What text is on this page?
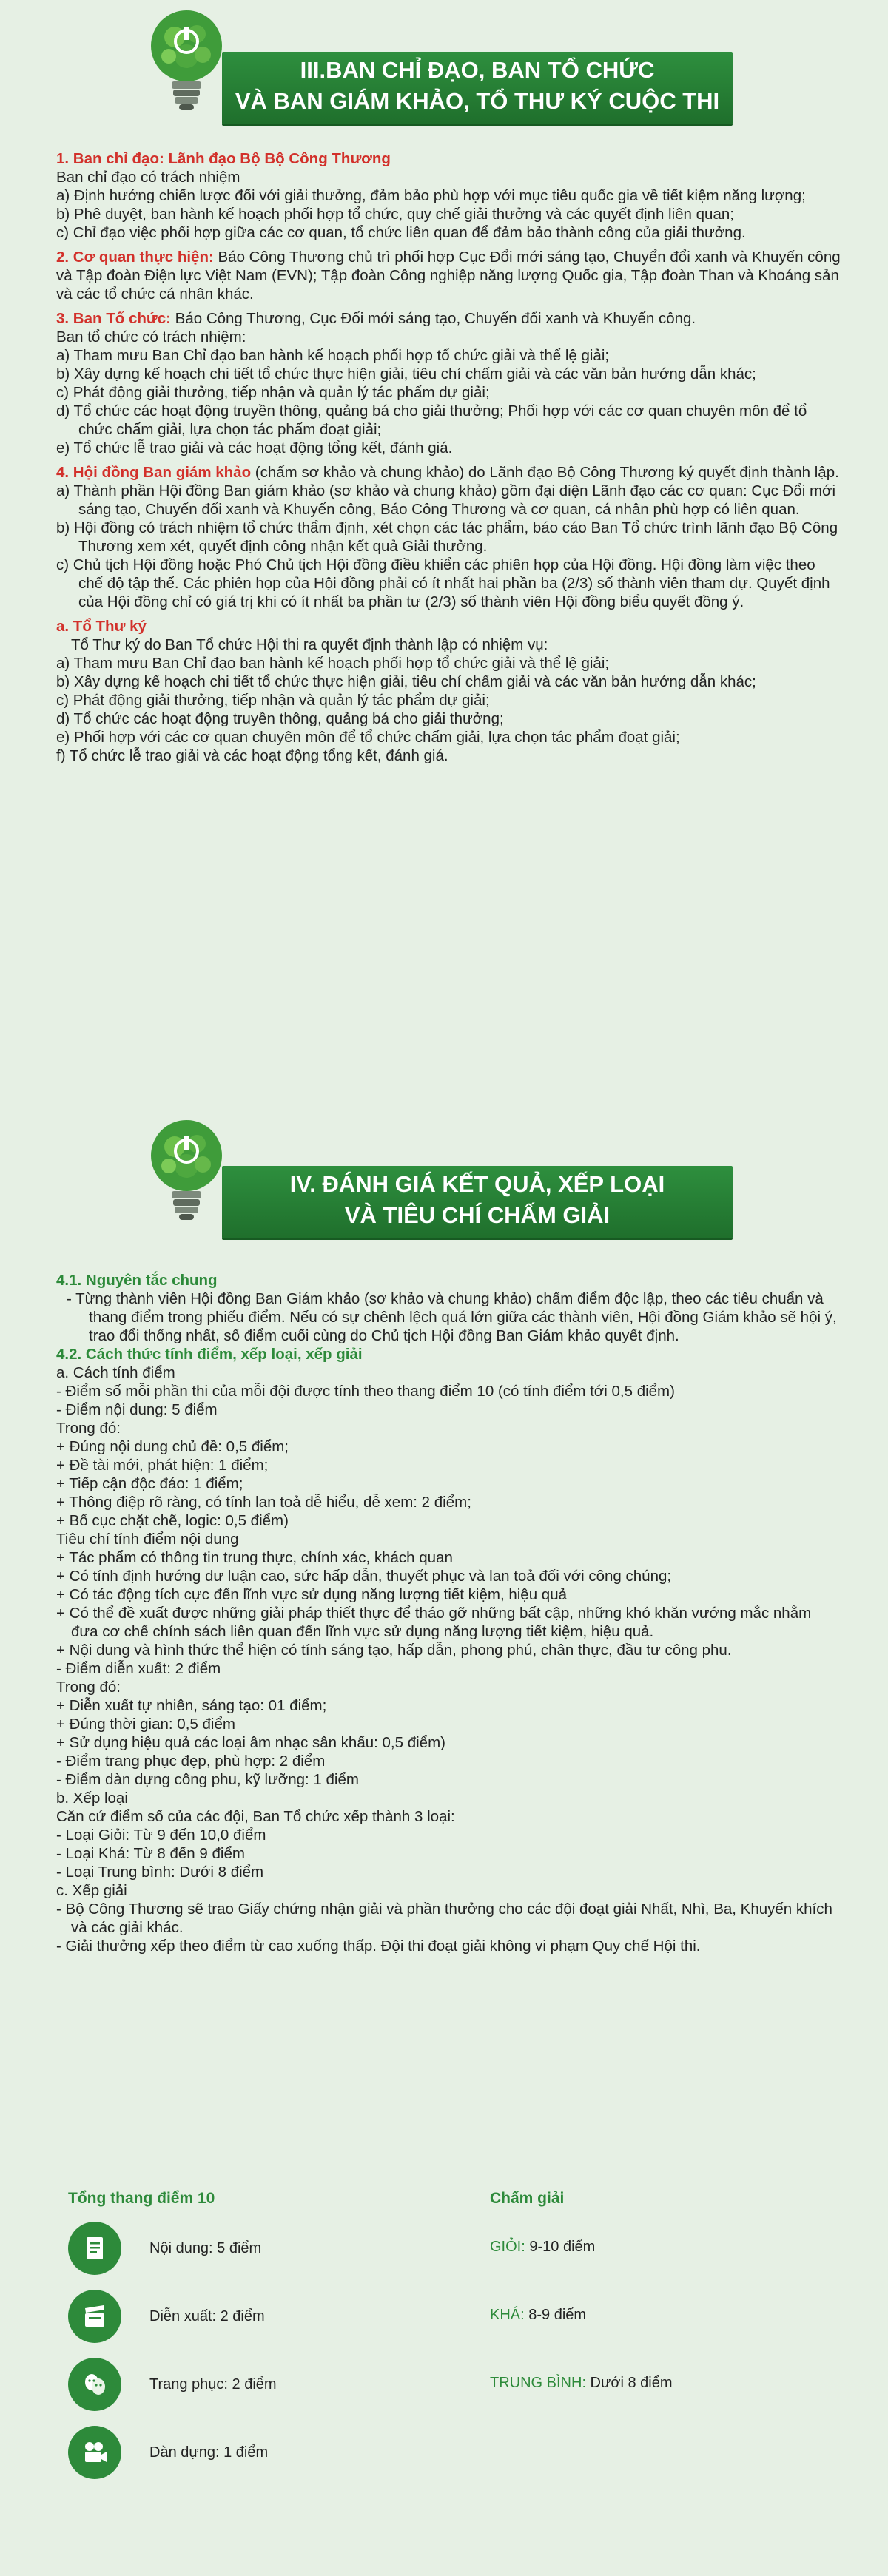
III.BAN CHỈ ĐẠO, BAN TỔ CHỨC
VÀ BAN GIÁM KHẢO, TỔ THƯ KÝ CUỘC THI

1. Ban chỉ đạo: Lãnh đạo Bộ Bộ Công Thương

Ban chỉ đạo có trách nhiệm

a) Định hướng chiến lược đối với giải thưởng, đảm bảo phù hợp với mục tiêu quốc gia về tiết kiệm năng lượng;

b) Phê duyệt, ban hành kế hoạch phối hợp tổ chức, quy chế giải thưởng và các quyết định liên quan;

c) Chỉ đạo việc phối hợp giữa các cơ quan, tổ chức liên quan để đảm bảo thành công của giải thưởng.

2. Cơ quan thực hiện: Báo Công Thương chủ trì phối hợp Cục Đổi mới sáng tạo, Chuyển đổi xanh và Khuyến công và Tập đoàn Điện lực Việt Nam (EVN); Tập đoàn Công nghiệp năng lượng Quốc gia, Tập đoàn Than và Khoáng sản và các tổ chức cá nhân khác.

3. Ban Tổ chức: Báo Công Thương, Cục Đổi mới sáng tạo, Chuyển đổi xanh và Khuyến công.

Ban tổ chức có trách nhiệm:

a) Tham mưu Ban Chỉ đạo ban hành kế hoạch phối hợp tổ chức giải và thể lệ giải;

b) Xây dựng kế hoạch chi tiết tổ chức thực hiện giải, tiêu chí chấm giải và các văn bản hướng dẫn khác;

c) Phát động giải thưởng, tiếp nhận và quản lý tác phẩm dự giải;

d) Tổ chức các hoạt động truyền thông, quảng bá cho giải thưởng; Phối hợp với các cơ quan chuyên môn để tổ chức chấm giải, lựa chọn tác phẩm đoạt giải;

e) Tổ chức lễ trao giải và các hoạt động tổng kết, đánh giá.

4. Hội đồng Ban giám khảo (chấm sơ khảo và chung khảo) do Lãnh đạo Bộ Công Thương ký quyết định thành lập.

a) Thành phần Hội đồng Ban giám khảo (sơ khảo và chung khảo) gồm đại diện Lãnh đạo các cơ quan: Cục Đổi mới sáng tạo, Chuyển đổi xanh và Khuyến công, Báo Công Thương và cơ quan, cá nhân phù hợp có liên quan.

b) Hội đồng có trách nhiệm tổ chức thẩm định, xét chọn các tác phẩm, báo cáo Ban Tổ chức trình lãnh đạo Bộ Công Thương xem xét, quyết định công nhận kết quả Giải thưởng.

c) Chủ tịch Hội đồng hoặc Phó Chủ tịch Hội đồng điều khiển các phiên họp của Hội đồng. Hội đồng làm việc theo chế độ tập thể. Các phiên họp của Hội đồng phải có ít nhất hai phần ba (2/3) số thành viên tham dự. Quyết định của Hội đồng chỉ có giá trị khi có ít nhất ba phần tư (2/3) số thành viên Hội đồng biểu quyết đồng ý.

a. Tổ Thư ký

Tổ Thư ký do Ban Tổ chức Hội thi ra quyết định thành lập có nhiệm vụ:

a) Tham mưu Ban Chỉ đạo ban hành kế hoạch phối hợp tổ chức giải và thể lệ giải;

b) Xây dựng kế hoạch chi tiết tổ chức thực hiện giải, tiêu chí chấm giải và các văn bản hướng dẫn khác;

c) Phát động giải thưởng, tiếp nhận và quản lý tác phẩm dự giải;

d) Tổ chức các hoạt động truyền thông, quảng bá cho giải thưởng;

e) Phối hợp với các cơ quan chuyên môn để tổ chức chấm giải, lựa chọn tác phẩm đoạt giải;

f) Tổ chức lễ trao giải và các hoạt động tổng kết, đánh giá.

IV. ĐÁNH GIÁ KẾT QUẢ, XẾP LOẠI
VÀ TIÊU CHÍ CHẤM GIẢI

4.1. Nguyên tắc chung

- Từng thành viên Hội đồng Ban Giám khảo (sơ khảo và chung khảo) chấm điểm độc lập, theo các tiêu chuẩn và thang điểm trong phiếu điểm. Nếu có sự chênh lệch quá lớn giữa các thành viên, Hội đồng Giám khảo sẽ hội ý, trao đổi thống nhất, số điểm cuối cùng do Chủ tịch Hội đồng Ban Giám khảo quyết định.

4.2. Cách thức tính điểm, xếp loại, xếp giải

a. Cách tính điểm

- Điểm số mỗi phần thi của mỗi đội được tính theo thang điểm 10 (có tính điểm tới 0,5 điểm)

- Điểm nội dung: 5 điểm

Trong đó:

+ Đúng nội dung chủ đề: 0,5 điểm;

+ Đề tài mới, phát hiện: 1 điểm;

+ Tiếp cận độc đáo: 1 điểm;

+ Thông điệp rõ ràng, có tính lan toả dễ hiểu, dễ xem: 2 điểm;

+ Bố cục chặt chẽ, logic: 0,5 điểm)

Tiêu chí tính điểm nội dung

+ Tác phẩm có thông tin trung thực, chính xác, khách quan

+ Có tính định hướng dư luận cao, sức hấp dẫn, thuyết phục và lan toả đối với công chúng;

+ Có tác động tích cực đến lĩnh vực sử dụng năng lượng tiết kiệm, hiệu quả

+ Có thể đề xuất được những giải pháp thiết thực để tháo gỡ những bất cập, những khó khăn vướng mắc nhằm đưa cơ chế chính sách liên quan đến lĩnh vực sử dụng năng lượng tiết kiệm, hiệu quả.

+ Nội dung và hình thức thể hiện có tính sáng tạo, hấp dẫn, phong phú, chân thực, đầu tư công phu.

- Điểm diễn xuất: 2 điểm

Trong đó:

+ Diễn xuất tự nhiên, sáng tạo: 01 điểm;

+ Đúng thời gian: 0,5 điểm

+ Sử dụng hiệu quả các loại âm nhạc sân khấu: 0,5 điểm)

- Điểm trang phục đẹp, phù hợp: 2 điểm

- Điểm dàn dựng công phu, kỹ lưỡng: 1 điểm

b. Xếp loại

Căn cứ điểm số của các đội, Ban Tổ chức xếp thành 3 loại:

- Loại Giỏi: Từ 9 đến 10,0 điểm

- Loại Khá: Từ 8 đến 9 điểm

- Loại Trung bình: Dưới 8 điểm

c. Xếp giải

- Bộ Công Thương sẽ trao Giấy chứng nhận giải và phần thưởng cho các đội đoạt giải Nhất, Nhì, Ba, Khuyến khích và các giải khác.

- Giải thưởng xếp theo điểm từ cao xuống thấp. Đội thi đoạt giải không vi phạm Quy chế Hội thi.

Tổng thang điểm 10	Chấm giải
Nội dung: 5 điểm
Diễn xuất: 2 điểm
Trang phục: 2 điểm
Dàn dựng: 1 điểm
GIỎI: 9-10 điểm
KHÁ: 8-9 điểm
TRUNG BÌNH: Dưới 8 điểm
